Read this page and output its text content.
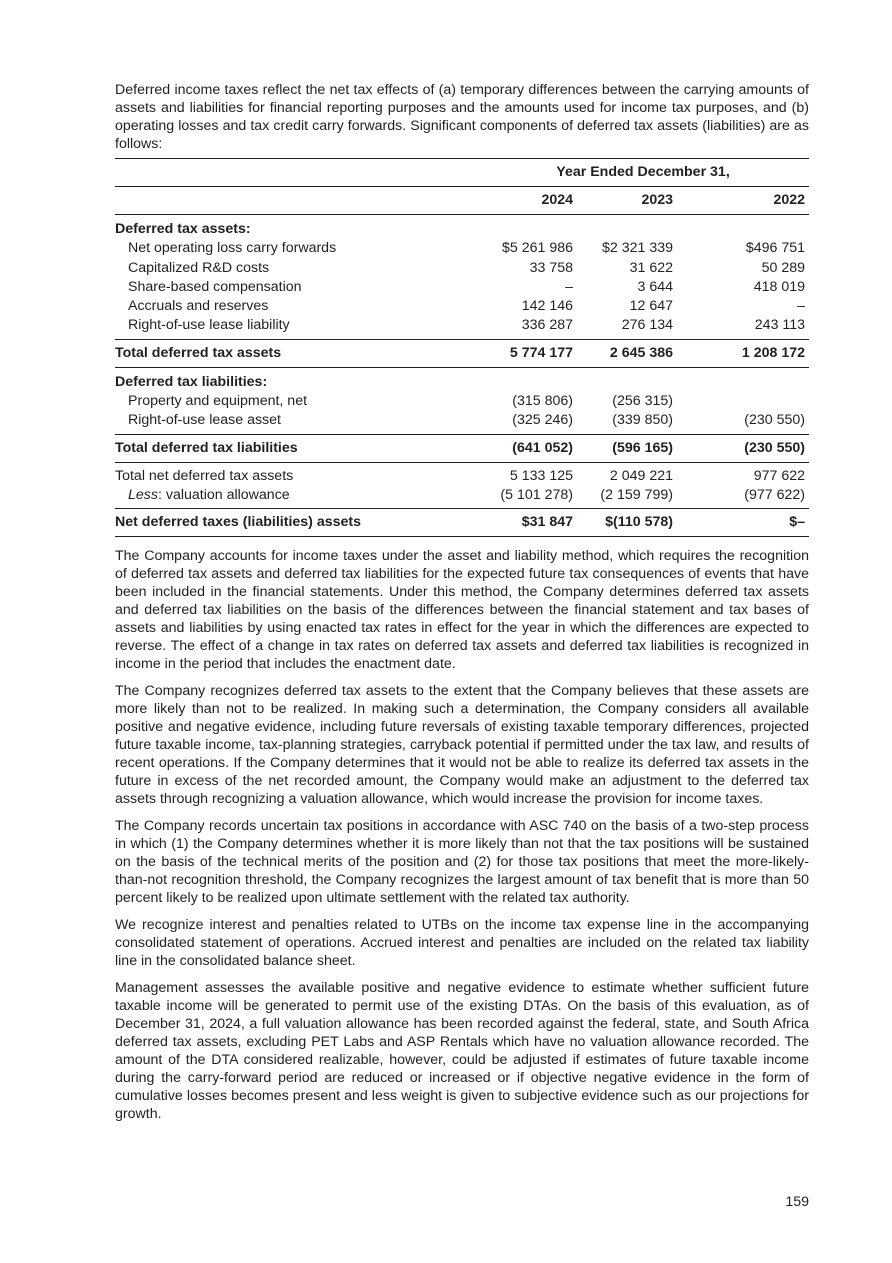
Deferred income taxes reflect the net tax effects of (a) temporary differences between the carrying amounts of assets and liabilities for financial reporting purposes and the amounts used for income tax purposes, and (b) operating losses and tax credit carry forwards. Significant components of deferred tax assets (liabilities) are as follows:

	Year Ended December 31,		
	2024	2023	2022
Deferred tax assets:			
Net operating loss carry forwards	$5 261 986	$2 321 339	$496 751
Capitalized R&D costs	33 758	31 622	50 289
Share-based compensation	–	3 644	418 019
Accruals and reserves	142 146	12 647	–
Right-of-use lease liability	336 287	276 134	243 113

Total deferred tax assets	5 774 177	2 645 386	1 208 172
Deferred tax liabilities:			
Property and equipment, net	(315 806)	(256 315)	
Right-of-use lease asset	(325 246)	(339 850)	(230 550)

Total deferred tax liabilities	(641 052)	(596 165)	(230 550)
Total net deferred tax assets	5 133 125	2 049 221	977 622
Less: valuation allowance	(5 101 278)	(2 159 799)	(977 622)

Net deferred taxes (liabilities) assets	$31 847	$(110 578)	$–

The Company accounts for income taxes under the asset and liability method, which requires the recognition of deferred tax assets and deferred tax liabilities for the expected future tax consequences of events that have been included in the financial statements. Under this method, the Company determines deferred tax assets and deferred tax liabilities on the basis of the differences between the financial statement and tax bases of assets and liabilities by using enacted tax rates in effect for the year in which the differences are expected to reverse. The effect of a change in tax rates on deferred tax assets and deferred tax liabilities is recognized in income in the period that includes the enactment date.

The Company recognizes deferred tax assets to the extent that the Company believes that these assets are more likely than not to be realized. In making such a determination, the Company considers all available positive and negative evidence, including future reversals of existing taxable temporary differences, projected future taxable income, tax-planning strategies, carryback potential if permitted under the tax law, and results of recent operations. If the Company determines that it would not be able to realize its deferred tax assets in the future in excess of the net recorded amount, the Company would make an adjustment to the deferred tax assets through recognizing a valuation allowance, which would increase the provision for income taxes.

The Company records uncertain tax positions in accordance with ASC 740 on the basis of a two-step process in which (1) the Company determines whether it is more likely than not that the tax positions will be sustained on the basis of the technical merits of the position and (2) for those tax positions that meet the more-likely-than-not recognition threshold, the Company recognizes the largest amount of tax benefit that is more than 50 percent likely to be realized upon ultimate settlement with the related tax authority.

We recognize interest and penalties related to UTBs on the income tax expense line in the accompanying consolidated statement of operations. Accrued interest and penalties are included on the related tax liability line in the consolidated balance sheet.

Management assesses the available positive and negative evidence to estimate whether sufficient future taxable income will be generated to permit use of the existing DTAs. On the basis of this evaluation, as of December 31, 2024, a full valuation allowance has been recorded against the federal, state, and South Africa deferred tax assets, excluding PET Labs and ASP Rentals which have no valuation allowance recorded. The amount of the DTA considered realizable, however, could be adjusted if estimates of future taxable income during the carry-forward period are reduced or increased or if objective negative evidence in the form of cumulative losses becomes present and less weight is given to subjective evidence such as our projections for growth.

159
